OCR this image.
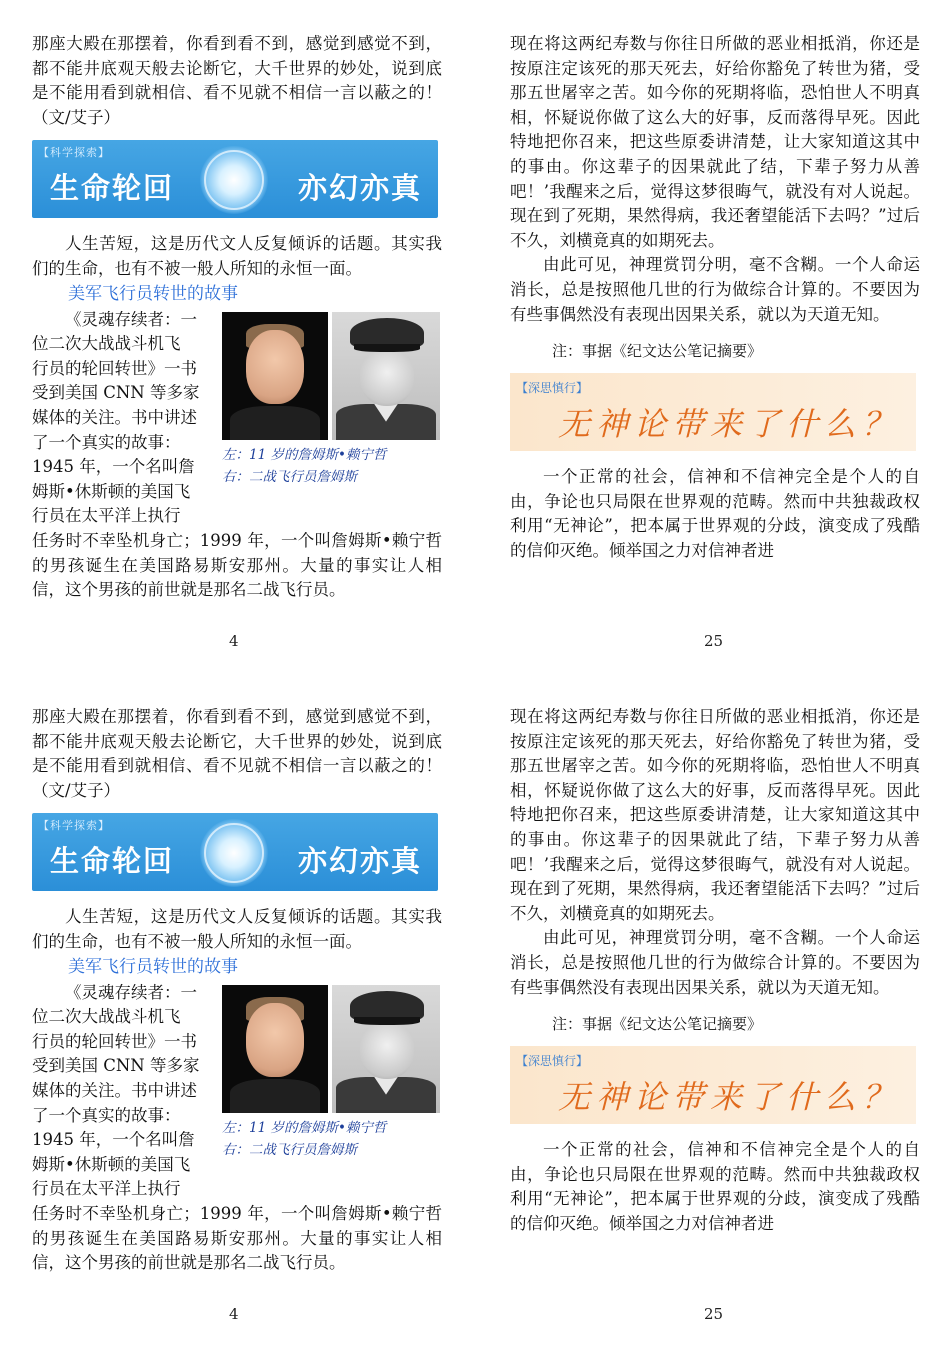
那座大殿在那摆着，你看到看不到，感觉到感觉不到，都不能井底观天般去论断它，大千世界的妙处，说到底是不能用看到就相信、看不见就不相信一言以蔽之的！（文/艾子）

【科学探索】
生命轮回	亦幻亦真

人生苦短，这是历代文人反复倾诉的话题。其实我们的生命，也有不被一般人所知的永恒一面。

美军飞行员转世的故事
《灵魂存续者：一
位二次大战战斗机飞
行员的轮回转世》一书
受到美国 CNN 等多家
媒体的关注。书中讲述
了一个真实的故事：
1945 年，一个名叫詹
姆斯•休斯顿的美国飞
行员在太平洋上执行
左：11 岁的詹姆斯•赖宁哲
右：二战飞行员詹姆斯

任务时不幸坠机身亡；1999 年，一个叫詹姆斯•赖宁哲的男孩诞生在美国路易斯安那州。大量的事实让人相信，这个男孩的前世就是那名二战飞行员。

4

现在将这两纪寿数与你往日所做的恶业相抵消，你还是按原注定该死的那天死去，好给你豁免了转世为猪，受那五世屠宰之苦。如今你的死期将临，恐怕世人不明真相，怀疑说你做了这么大的好事，反而落得早死。因此特地把你召来，把这些原委讲清楚，让大家知道这其中的事由。你这辈子的因果就此了结，下辈子努力从善吧！’我醒来之后，觉得这梦很晦气，就没有对人说起。现在到了死期，果然得病，我还奢望能活下去吗？”过后不久，刘横竟真的如期死去。

由此可见，神理赏罚分明，毫不含糊。一个人命运消长，总是按照他几世的行为做综合计算的。不要因为有些事偶然没有表现出因果关系，就以为天道无知。

注：事据《纪文达公笔记摘要》
【深思慎行】
无神论带来了什么？

一个正常的社会，信神和不信神完全是个人的自由，争论也只局限在世界观的范畴。然而中共独裁政权利用“无神论”，把本属于世界观的分歧，演变成了残酷的信仰灭绝。倾举国之力对信神者进

25

那座大殿在那摆着，你看到看不到，感觉到感觉不到，都不能井底观天般去论断它，大千世界的妙处，说到底是不能用看到就相信、看不见就不相信一言以蔽之的！（文/艾子）

【科学探索】
生命轮回	亦幻亦真

人生苦短，这是历代文人反复倾诉的话题。其实我们的生命，也有不被一般人所知的永恒一面。

美军飞行员转世的故事
《灵魂存续者：一
位二次大战战斗机飞
行员的轮回转世》一书
受到美国 CNN 等多家
媒体的关注。书中讲述
了一个真实的故事：
1945 年，一个名叫詹
姆斯•休斯顿的美国飞
行员在太平洋上执行
左：11 岁的詹姆斯•赖宁哲
右：二战飞行员詹姆斯

任务时不幸坠机身亡；1999 年，一个叫詹姆斯•赖宁哲的男孩诞生在美国路易斯安那州。大量的事实让人相信，这个男孩的前世就是那名二战飞行员。

4

现在将这两纪寿数与你往日所做的恶业相抵消，你还是按原注定该死的那天死去，好给你豁免了转世为猪，受那五世屠宰之苦。如今你的死期将临，恐怕世人不明真相，怀疑说你做了这么大的好事，反而落得早死。因此特地把你召来，把这些原委讲清楚，让大家知道这其中的事由。你这辈子的因果就此了结，下辈子努力从善吧！’我醒来之后，觉得这梦很晦气，就没有对人说起。现在到了死期，果然得病，我还奢望能活下去吗？”过后不久，刘横竟真的如期死去。

由此可见，神理赏罚分明，毫不含糊。一个人命运消长，总是按照他几世的行为做综合计算的。不要因为有些事偶然没有表现出因果关系，就以为天道无知。

注：事据《纪文达公笔记摘要》
【深思慎行】
无神论带来了什么？

一个正常的社会，信神和不信神完全是个人的自由，争论也只局限在世界观的范畴。然而中共独裁政权利用“无神论”，把本属于世界观的分歧，演变成了残酷的信仰灭绝。倾举国之力对信神者进

25
